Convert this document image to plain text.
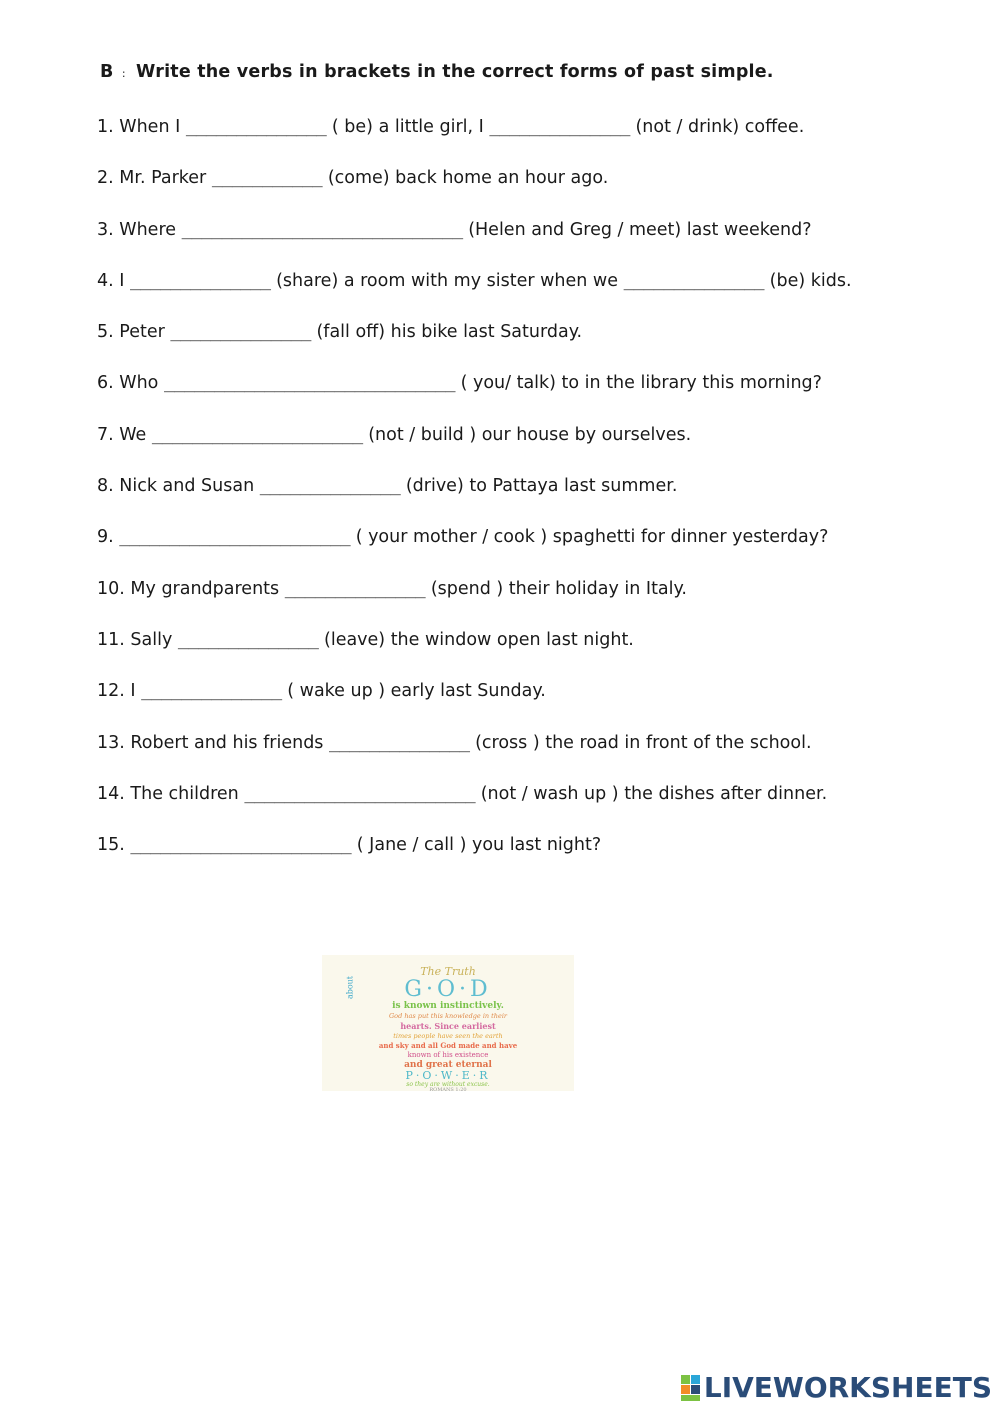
B : Write the verbs in brackets in the correct forms of past simple.
1. When I ______________ ( be) a little girl, I ______________ (not / drink) coffee.
2. Mr. Parker ___________ (come) back home an hour ago.
3. Where ____________________________ (Helen and Greg / meet) last weekend?
4. I ______________ (share) a room with my sister when we ______________ (be) kids.
5. Peter ______________ (fall off) his bike last Saturday.
6. Who _____________________________ ( you/ talk) to in the library this morning?
7. We _____________________ (not / build ) our house by ourselves.
8. Nick and Susan ______________ (drive) to Pattaya last summer.
9. _______________________ ( your mother / cook ) spaghetti for dinner yesterday?
10. My grandparents ______________ (spend ) their holiday in Italy.
11. Sally ______________ (leave) the window open last night.
12. I ______________ ( wake up ) early last Sunday.
13. Robert and his friends ______________ (cross ) the road in front of the school.
14. The children _______________________ (not / wash up ) the dishes after dinner.
15. ______________________ ( Jane / call ) you last night?
The Truth
about	G·O·D
is known instinctively.
God has put this knowledge in their
hearts. Since earliest
times people have seen the earth
and sky and all God made and have
known of his existence
and great eternal
P·O·W·E·R
so they are without excuse.
ROMANS 1:20
LIVEWORKSHEETS
